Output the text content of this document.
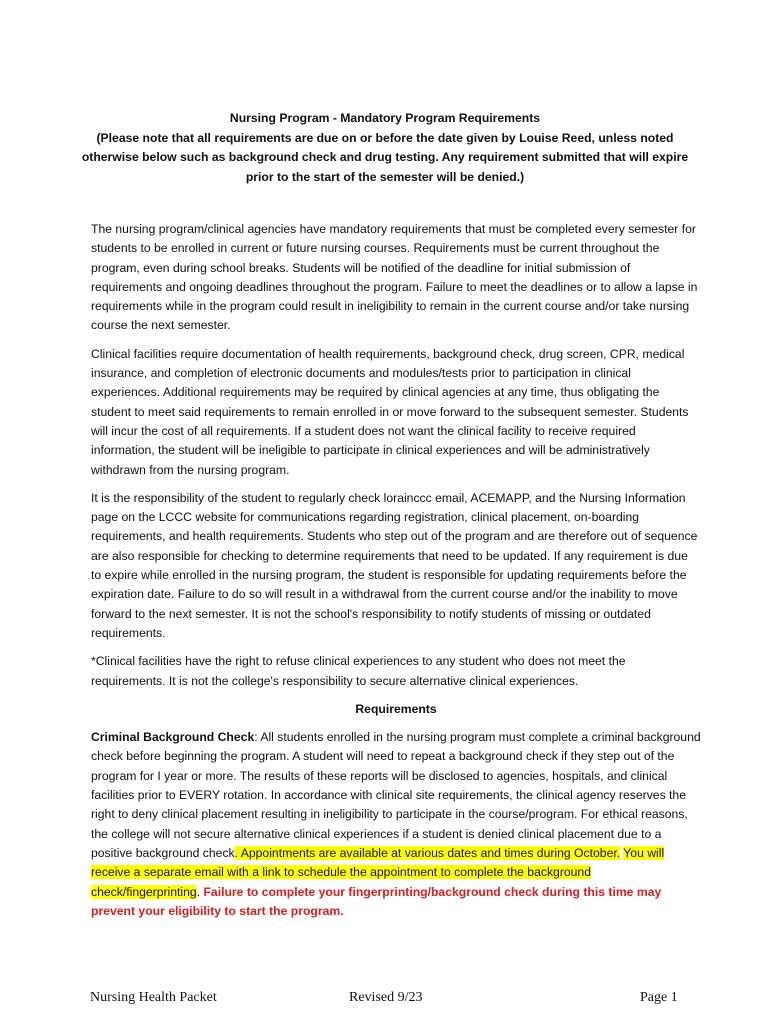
Nursing Program - Mandatory Program Requirements
(Please note that all requirements are due on or before the date given by Louise Reed, unless noted
otherwise below such as background check and drug testing. Any requirement submitted that will expire
prior to the start of the semester will be denied.)

The nursing program/clinical agencies have mandatory requirements that must be completed every semester for students to be enrolled in current or future nursing courses. Requirements must be current throughout the program, even during school breaks. Students will be notified of the deadline for initial submission of requirements and ongoing deadlines throughout the program. Failure to meet the deadlines or to allow a lapse in requirements while in the program could result in ineligibility to remain in the current course and/or take nursing course the next semester.

Clinical facilities require documentation of health requirements, background check, drug screen, CPR, medical insurance, and completion of electronic documents and modules/tests prior to participation in clinical experiences. Additional requirements may be required by clinical agencies at any time, thus obligating the student to meet said requirements to remain enrolled in or move forward to the subsequent semester. Students will incur the cost of all requirements. If a student does not want the clinical facility to receive required information, the student will be ineligible to participate in clinical experiences and will be administratively withdrawn from the nursing program.

It is the responsibility of the student to regularly check lorainccc email, ACEMAPP, and the Nursing Information page on the LCCC website for communications regarding registration, clinical placement, on-boarding requirements, and health requirements. Students who step out of the program and are therefore out of sequence are also responsible for checking to determine requirements that need to be updated. If any requirement is due to expire while enrolled in the nursing program, the student is responsible for updating requirements before the expiration date. Failure to do so will result in a withdrawal from the current course and/or the inability to move forward to the next semester. It is not the school's responsibility to notify students of missing or outdated requirements.

*Clinical facilities have the right to refuse clinical experiences to any student who does not meet the requirements. It is not the college's responsibility to secure alternative clinical experiences.

Requirements

Criminal Background Check: All students enrolled in the nursing program must complete a criminal background check before beginning the program. A student will need to repeat a background check if they step out of the program for I year or more. The results of these reports will be disclosed to agencies, hospitals, and clinical facilities prior to EVERY rotation. In accordance with clinical site requirements, the clinical agency reserves the right to deny clinical placement resulting in ineligibility to participate in the course/program. For ethical reasons, the college will not secure alternative clinical experiences if a student is denied clinical placement due to a positive background check. Appointments are available at various dates and times during October. You will receive a separate email with a link to schedule the appointment to complete the background check/fingerprinting. Failure to complete your fingerprinting/background check during this time may prevent your eligibility to start the program.

Nursing Health Packet	Revised 9/23	Page 1
